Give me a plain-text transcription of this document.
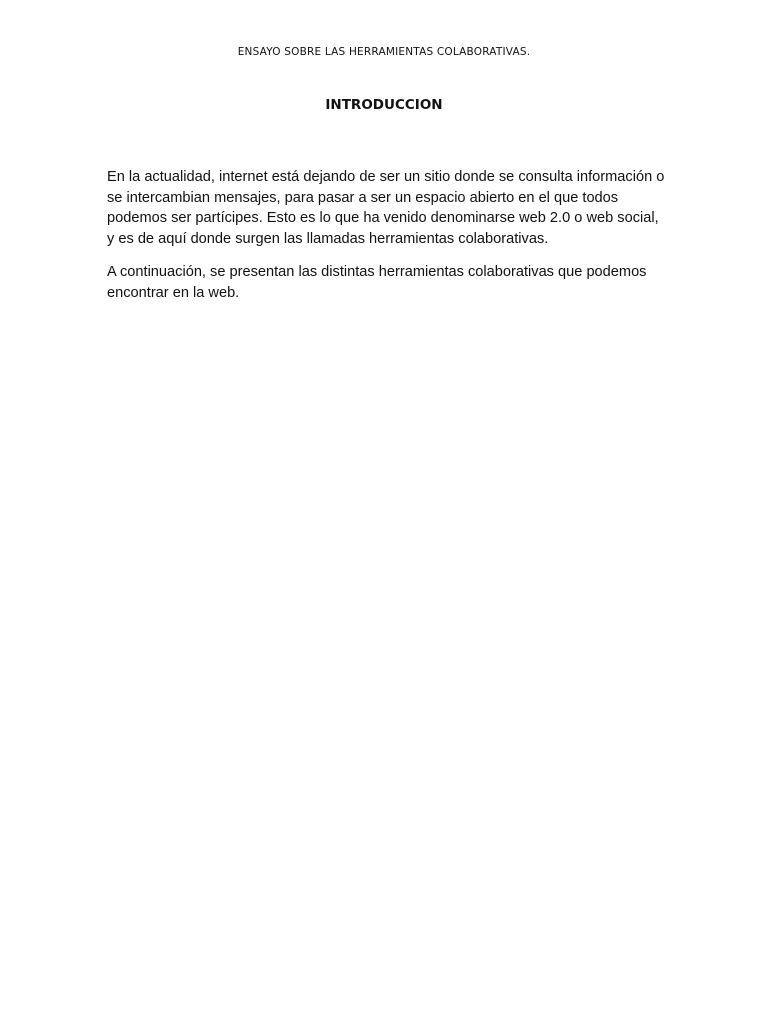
ENSAYO SOBRE LAS HERRAMIENTAS COLABORATIVAS.
INTRODUCCION

En la actualidad, internet está dejando de ser un sitio donde se consulta información o se intercambian mensajes, para pasar a ser un espacio abierto en el que todos podemos ser partícipes. Esto es lo que ha venido denominarse web 2.0 o web social, y es de aquí donde surgen las llamadas herramientas colaborativas.

A continuación, se presentan las distintas herramientas colaborativas que podemos encontrar en la web.
